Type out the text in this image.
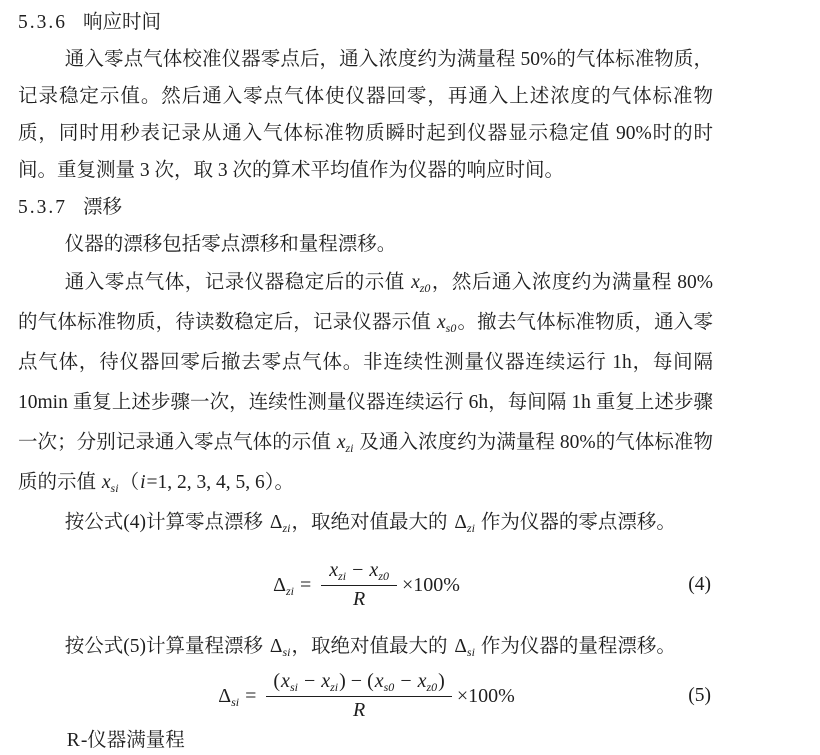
5.3.6 响应时间
通入零点气体校准仪器零点后，通入浓度约为满量程 50%的气体标准物质，记录稳定示值。然后通入零点气体使仪器回零，再通入上述浓度的气体标准物质，同时用秒表记录从通入气体标准物质瞬时起到仪器显示稳定值 90%时的时间。重复测量 3 次，取 3 次的算术平均值作为仪器的响应时间。
5.3.7 漂移
仪器的漂移包括零点漂移和量程漂移。
通入零点气体，记录仪器稳定后的示值 $x_{z0}$，然后通入浓度约为满量程 80%的气体标准物质，待读数稳定后，记录仪器示值 $x_{s0}$。撤去气体标准物质，通入零点气体，待仪器回零后撤去零点气体。非连续性测量仪器连续运行 1h，每间隔 10min 重复上述步骤一次，连续性测量仪器连续运行 6h，每间隔 1h 重复上述步骤一次；分别记录通入零点气体的示值 $x_{zi}$ 及通入浓度约为满量程 80%的气体标准物质的示值 $x_{si}(i=1$, 2, 3, 4, 5, 6）。
按公式(4)计算零点漂移 $\Delta_{zi}$，取绝对值最大的 $\Delta_{zi}$ 作为仪器的零点漂移。
$\Delta_{zi} = \frac{x_{zi} - x_{z0}}{R} \times 100\%$	(4)
按公式(5)计算量程漂移 $\Delta_{si}$，取绝对值最大的 $\Delta_{si}$ 作为仪器的量程漂移。
$\Delta_{si} = \frac{(x_{si} - x_{zi}) - (x_{s0} - x_{z0})}{R} \times 100\%$	(5)
R-仪器满量程
